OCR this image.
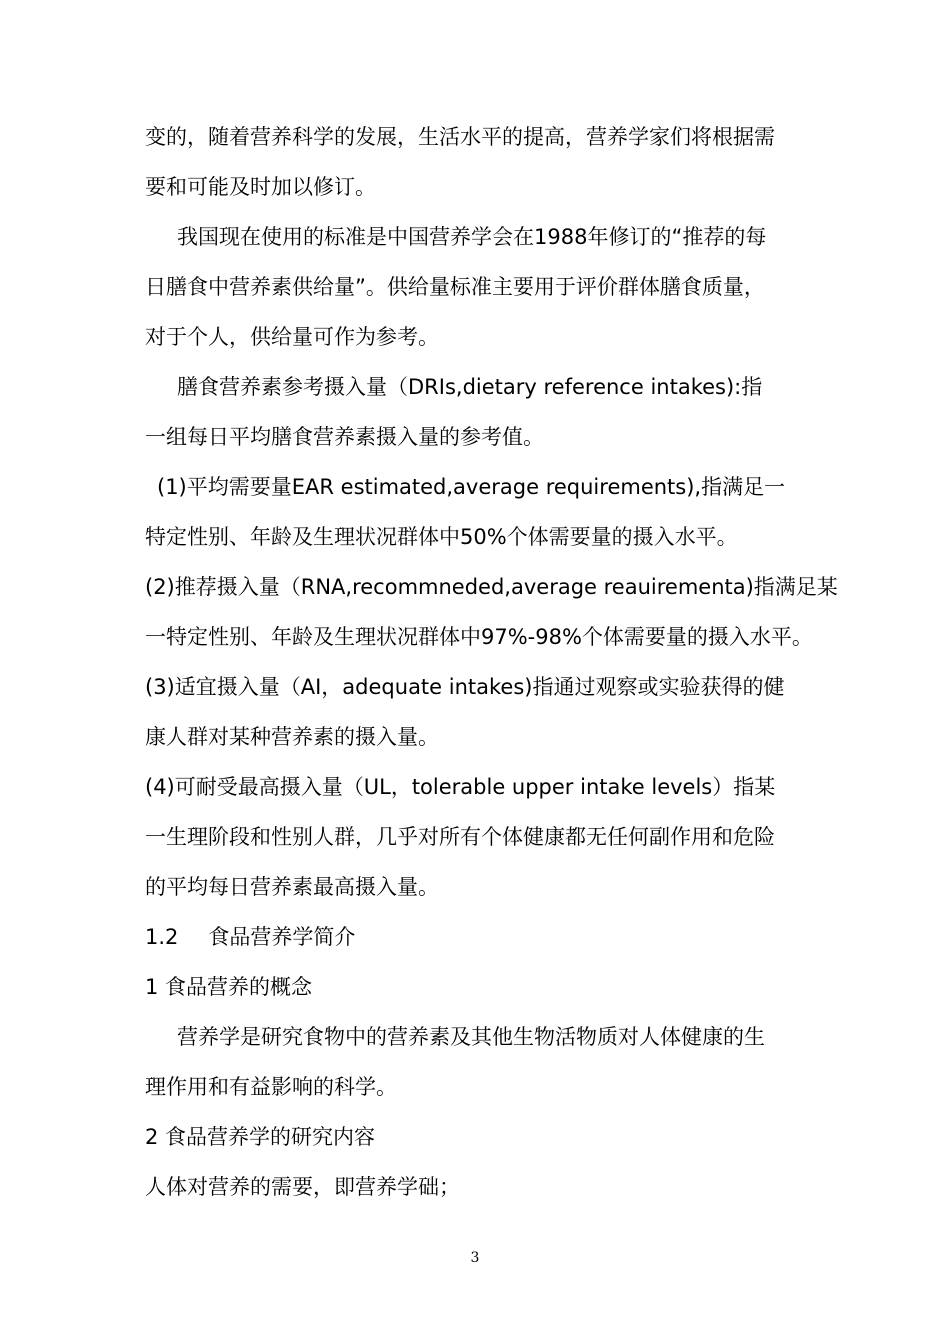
变的，随着营养科学的发展，生活水平的提高，营养学家们将根据需
要和可能及时加以修订。
我国现在使用的标准是中国营养学会在1988年修订的“推荐的每
日膳食中营养素供给量”。供给量标准主要用于评价群体膳食质量，
对于个人，供给量可作为参考。
膳食营养素参考摄入量（DRIs,dietary reference intakes):指
一组每日平均膳食营养素摄入量的参考值。
(1)平均需要量EAR estimated,average requirements),指满足一
特定性别、年龄及生理状况群体中50%个体需要量的摄入水平。
(2)推荐摄入量（RNA,recommneded,average reauirementa)指满足某
一特定性别、年龄及生理状况群体中97%-98%个体需要量的摄入水平。
(3)适宜摄入量（AI，adequate intakes)指通过观察或实验获得的健
康人群对某种营养素的摄入量。
(4)可耐受最高摄入量（UL，tolerable upper intake levels）指某
一生理阶段和性别人群，几乎对所有个体健康都无任何副作用和危险
的平均每日营养素最高摄入量。
1.2 食品营养学简介
1 食品营养的概念
营养学是研究食物中的营养素及其他生物活物质对人体健康的生
理作用和有益影响的科学。
2 食品营养学的研究内容
人体对营养的需要，即营养学础；
3
